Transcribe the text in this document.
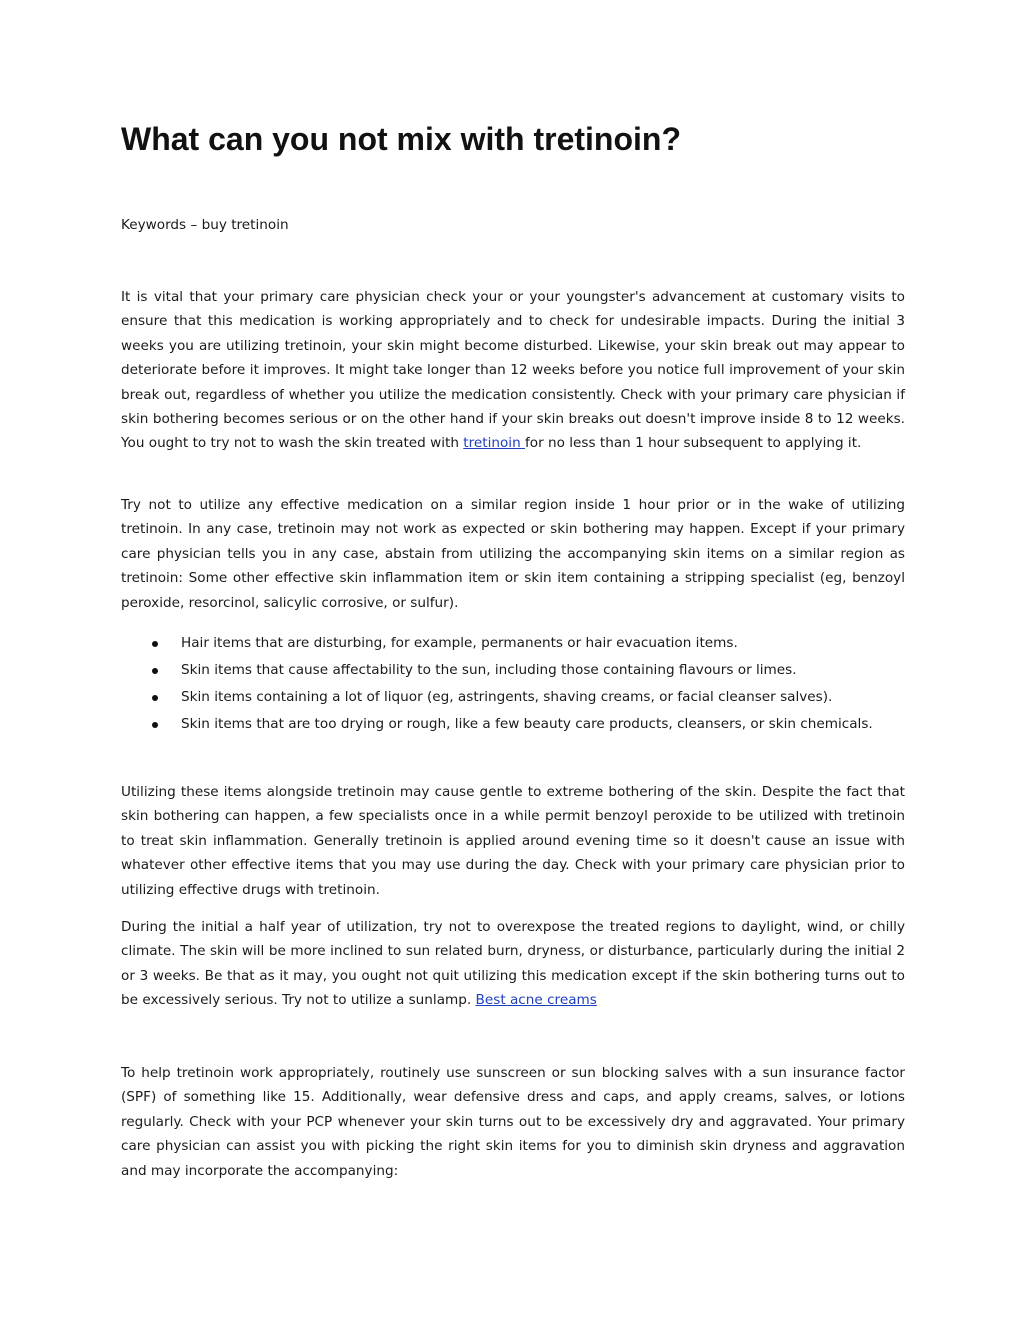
What can you not mix with tretinoin?
Keywords – buy tretinoin

It is vital that your primary care physician check your or your youngster's advancement at customary visits to ensure that this medication is working appropriately and to check for undesirable impacts. During the initial 3 weeks you are utilizing tretinoin, your skin might become disturbed. Likewise, your skin break out may appear to deteriorate before it improves. It might take longer than 12 weeks before you notice full improvement of your skin break out, regardless of whether you utilize the medication consistently. Check with your primary care physician if skin bothering becomes serious or on the other hand if your skin breaks out doesn't improve inside 8 to 12 weeks. You ought to try not to wash the skin treated with tretinoin for no less than 1 hour subsequent to applying it.

Try not to utilize any effective medication on a similar region inside 1 hour prior or in the wake of utilizing tretinoin. In any case, tretinoin may not work as expected or skin bothering may happen. Except if your primary care physician tells you in any case, abstain from utilizing the accompanying skin items on a similar region as tretinoin: Some other effective skin inflammation item or skin item containing a stripping specialist (eg, benzoyl peroxide, resorcinol, salicylic corrosive, or sulfur).

Hair items that are disturbing, for example, permanents or hair evacuation items.
Skin items that cause affectability to the sun, including those containing flavours or limes.
Skin items containing a lot of liquor (eg, astringents, shaving creams, or facial cleanser salves).
Skin items that are too drying or rough, like a few beauty care products, cleansers, or skin chemicals.

Utilizing these items alongside tretinoin may cause gentle to extreme bothering of the skin. Despite the fact that skin bothering can happen, a few specialists once in a while permit benzoyl peroxide to be utilized with tretinoin to treat skin inflammation. Generally tretinoin is applied around evening time so it doesn't cause an issue with whatever other effective items that you may use during the day. Check with your primary care physician prior to utilizing effective drugs with tretinoin.

During the initial a half year of utilization, try not to overexpose the treated regions to daylight, wind, or chilly climate. The skin will be more inclined to sun related burn, dryness, or disturbance, particularly during the initial 2 or 3 weeks. Be that as it may, you ought not quit utilizing this medication except if the skin bothering turns out to be excessively serious. Try not to utilize a sunlamp. Best acne creams

To help tretinoin work appropriately, routinely use sunscreen or sun blocking salves with a sun insurance factor (SPF) of something like 15. Additionally, wear defensive dress and caps, and apply creams, salves, or lotions regularly. Check with your PCP whenever your skin turns out to be excessively dry and aggravated. Your primary care physician can assist you with picking the right skin items for you to diminish skin dryness and aggravation and may incorporate the accompanying:
